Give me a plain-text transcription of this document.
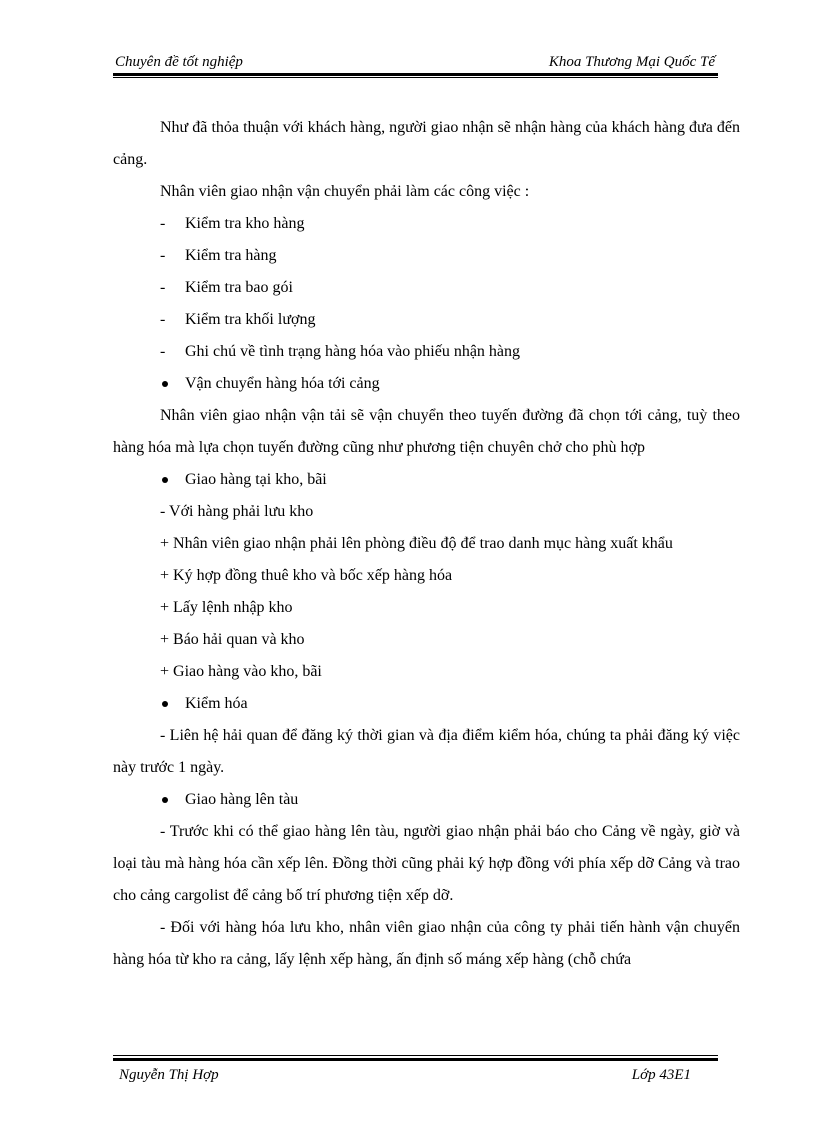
Chuyên đề tốt nghiệp	Khoa Thương Mại Quốc Tế

Như đã thỏa thuận với khách hàng, người giao nhận sẽ nhận hàng của khách hàng đưa đến cảng.

Nhân viên giao nhận vận chuyển phải làm các công việc :

- Kiểm tra kho hàng

- Kiểm tra hàng

- Kiểm tra bao gói

- Kiểm tra khối lượng

- Ghi chú về tình trạng hàng hóa vào phiếu nhận hàng

Vận chuyển hàng hóa tới cảng

Nhân viên giao nhận vận tải sẽ vận chuyển theo tuyến đường đã chọn tới cảng, tuỳ theo hàng hóa mà lựa chọn tuyến đường cũng như phương tiện chuyên chở cho phù hợp

Giao hàng tại kho, bãi

- Với hàng phải lưu kho

+ Nhân viên giao nhận phải lên phòng điều độ để trao danh mục hàng xuất khẩu

+ Ký hợp đồng thuê kho và bốc xếp hàng hóa

+ Lấy lệnh nhập kho

+ Báo hải quan và kho

+ Giao hàng vào kho, bãi

Kiểm hóa

- Liên hệ hải quan để đăng ký thời gian và địa điểm kiểm hóa, chúng ta phải đăng ký việc này trước 1 ngày.

Giao hàng lên tàu

- Trước khi có thể giao hàng lên tàu, người giao nhận phải báo cho Cảng về ngày, giờ và loại tàu mà hàng hóa cần xếp lên. Đồng thời cũng phải ký hợp đồng với phía xếp dỡ Cảng và trao cho cảng cargolist để cảng bố trí phương tiện xếp dỡ.

- Đối với hàng hóa lưu kho, nhân viên giao nhận của công ty phải tiến hành vận chuyển hàng hóa từ kho ra cảng, lấy lệnh xếp hàng, ấn định số máng xếp hàng (chỗ chứa

Nguyễn Thị Hợp	Lớp 43E1
